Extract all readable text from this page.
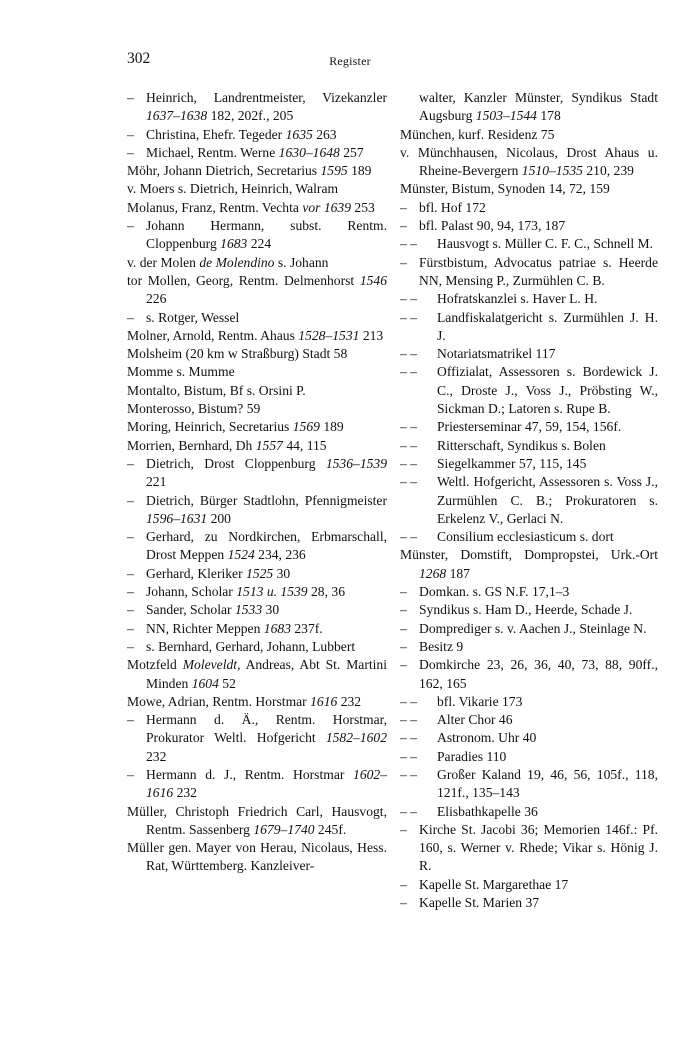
302	Register
– Heinrich, Landrentmeister, Vizekanzler 1637–1638 182, 202f., 205
– Christina, Ehefr. Tegeder 1635 263
– Michael, Rentm. Werne 1630–1648 257
Möhr, Johann Dietrich, Secretarius 1595 189
v. Moers s. Dietrich, Heinrich, Walram
Molanus, Franz, Rentm. Vechta vor 1639 253
– Johann Hermann, subst. Rentm. Cloppenburg 1683 224
v. der Molen de Molendino s. Johann
tor Mollen, Georg, Rentm. Delmenhorst 1546 226
– s. Rotger, Wessel
Molner, Arnold, Rentm. Ahaus 1528–1531 213
Molsheim (20 km w Straßburg) Stadt 58
Momme s. Mumme
Montalto, Bistum, Bf s. Orsini P.
Monterosso, Bistum? 59
Moring, Heinrich, Secretarius 1569 189
Morrien, Bernhard, Dh 1557 44, 115
– Dietrich, Drost Cloppenburg 1536–1539 221
– Dietrich, Bürger Stadtlohn, Pfennigmeister 1596–1631 200
– Gerhard, zu Nordkirchen, Erbmarschall, Drost Meppen 1524 234, 236
– Gerhard, Kleriker 1525 30
– Johann, Scholar 1513 u. 1539 28, 36
– Sander, Scholar 1533 30
– NN, Richter Meppen 1683 237f.
– s. Bernhard, Gerhard, Johann, Lubbert
Motzfeld Moleveldt, Andreas, Abt St. Martini Minden 1604 52
Mowe, Adrian, Rentm. Horstmar 1616 232
– Hermann d. Ä., Rentm. Horstmar, Prokurator Weltl. Hofgericht 1582–1602 232
– Hermann d. J., Rentm. Horstmar 1602–1616 232
Müller, Christoph Friedrich Carl, Hausvogt, Rentm. Sassenberg 1679–1740 245f.
Müller gen. Mayer von Herau, Nicolaus, Hess. Rat, Württemberg. Kanzleiver-
walter, Kanzler Münster, Syndikus Stadt Augsburg 1503–1544 178
München, kurf. Residenz 75
v. Münchhausen, Nicolaus, Drost Ahaus u. Rheine-Bevergern 1510–1535 210, 239
Münster, Bistum, Synoden 14, 72, 159
– bfl. Hof 172
– bfl. Palast 90, 94, 173, 187
– – Hausvogt s. Müller C. F. C., Schnell M.
– Fürstbistum, Advocatus patriae s. Heerde NN, Mensing P., Zurmühlen C. B.
– – Hofratskanzlei s. Haver L. H.
– – Landfiskalatgericht s. Zurmühlen J. H. J.
– – Notariatsmatrikel 117
– – Offizialat, Assessoren s. Bordewick J. C., Droste J., Voss J., Pröbsting W., Sickman D.; Latoren s. Rupe B.
– – Priesterseminar 47, 59, 154, 156f.
– – Ritterschaft, Syndikus s. Bolen
– – Siegelkammer 57, 115, 145
– – Weltl. Hofgericht, Assessoren s. Voss J., Zurmühlen C. B.; Prokuratoren s. Erkelenz V., Gerlaci N.
– – Consilium ecclesiasticum s. dort
Münster, Domstift, Dompropstei, Urk.-Ort 1268 187
– Domkan. s. GS N.F. 17,1–3
– Syndikus s. Ham D., Heerde, Schade J.
– Domprediger s. v. Aachen J., Steinlage N.
– Besitz 9
– Domkirche 23, 26, 36, 40, 73, 88, 90ff., 162, 165
– – bfl. Vikarie 173
– – Alter Chor 46
– – Astronom. Uhr 40
– – Paradies 110
– – Großer Kaland 19, 46, 56, 105f., 118, 121f., 135–143
– – Elisbathkapelle 36
– Kirche St. Jacobi 36; Memorien 146f.: Pf. 160, s. Werner v. Rhede; Vikar s. Hönig J. R.
– Kapelle St. Margarethae 17
– Kapelle St. Marien 37
